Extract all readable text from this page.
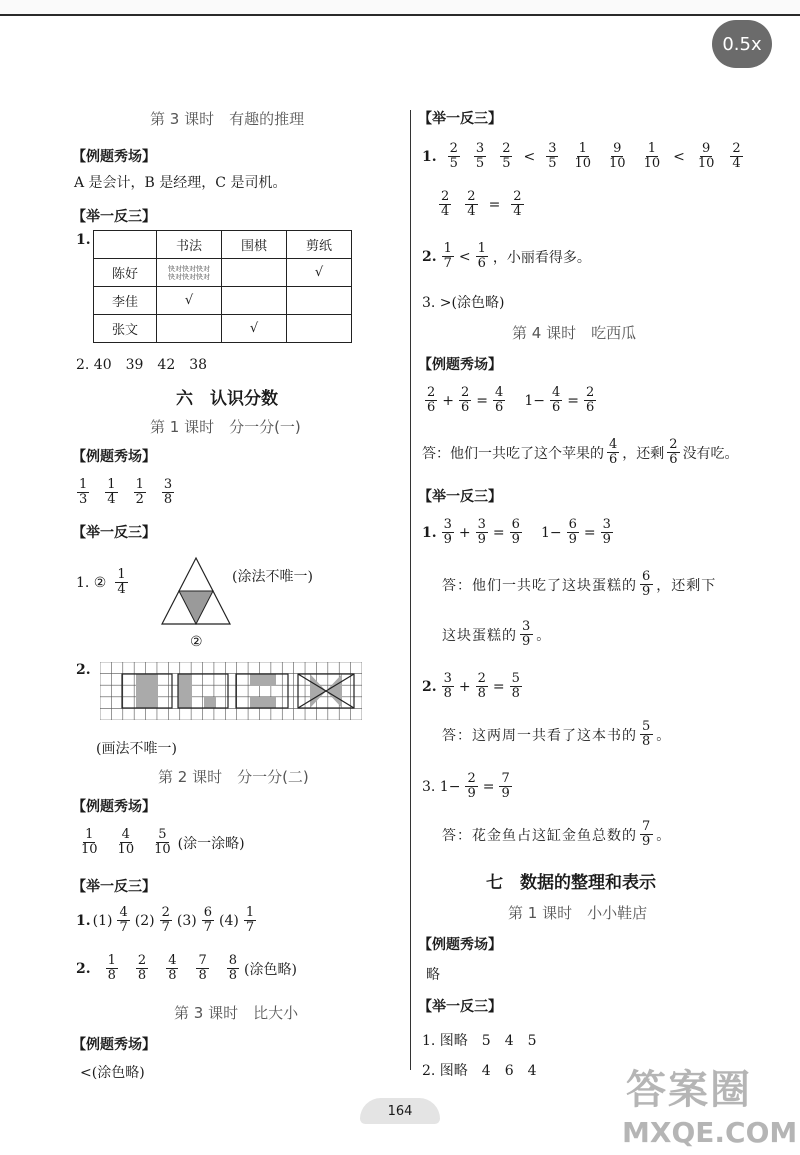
0.5x
第 3 课时　有趣的推理
【例题秀场】
A 是会计，B 是经理，C 是司机。
【举一反三】
1.
		书法	围棋	剪纸
陈好	快对快对快对
快对快对快对		√
李佳	√		
张文		√	
2. 40　39　42　38
六　认识分数
第 1 课时　分一分(一)
【例题秀场】
$\frac{1}{3} \frac{1}{4} \frac{1}{2} \frac{3}{8}$
【举一反三】
1. ② $\frac{1}{4}$
②
(涂法不唯一)
2.
(画法不唯一)
第 2 课时　分一分(二)
【例题秀场】
$\frac{1}{10} \frac{4}{10} \frac{5}{10}$ (涂一涂略)
【举一反三】
1. $(1) \frac{4}{7} (2) \frac{2}{7} (3) \frac{6}{7} (4) \frac{1}{7}$
2. $\frac{1}{8} \frac{2}{8} \frac{4}{8} \frac{7}{8} \frac{8}{8}$ (涂色略)
第 3 课时　比大小
【例题秀场】
<(涂色略)
【举一反三】
1. $\frac{2}{5} \frac{3}{5} \frac{2}{5} < \frac{3}{5} \frac{1}{10} \frac{9}{10} \frac{1}{10} < \frac{9}{10} \frac{2}{4}$
$\frac{2}{4} \frac{2}{4} = \frac{2}{4}$
2. $\frac{1}{7} < \frac{1}{6}$ ，小丽看得多。
3. >(涂色略)
第 4 课时　吃西瓜
【例题秀场】
$\frac{2}{6} + \frac{2}{6} = \frac{4}{6} 1- \frac{4}{6} = \frac{2}{6}$
答：他们一共吃了这个苹果的 $\frac{4}{6}$ ，还剩 $\frac{2}{6}$ 没有吃。
【举一反三】
1. $\frac{3}{9} + \frac{3}{9} = \frac{6}{9} 1- \frac{6}{9} = \frac{3}{9}$
答：他们一共吃了这块蛋糕的 $\frac{6}{9}$ ，还剩下
这块蛋糕的 $\frac{3}{9}$ 。
2. $\frac{3}{8} + \frac{2}{8} = \frac{5}{8}$
答：这两周一共看了这本书的 $\frac{5}{8}$ 。
3. $1- \frac{2}{9} = \frac{7}{9}$
答：花金鱼占这缸金鱼总数的 $\frac{7}{9}$ 。
七　数据的整理和表示
第 1 课时　小小鞋店
【例题秀场】
略
【举一反三】
1. 图略　5　4　5
2. 图略　4　6　4
164	答案圈
MXQE.COM
